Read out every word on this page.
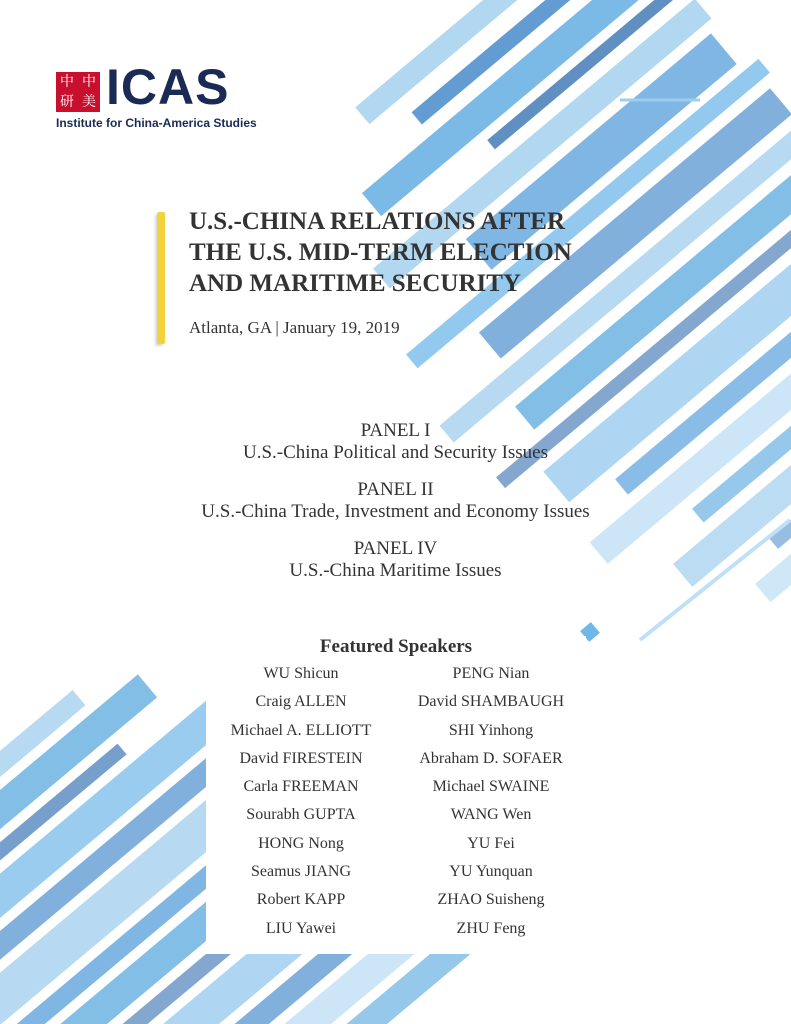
中 中
研 美 ICAS
Institute for China-America Studies
U.S.-CHINA RELATIONS AFTER
THE U.S. MID-TERM ELECTION
AND MARITIME SECURITY
Atlanta, GA | January 19, 2019
PANEL I
U.S.-China Political and Security Issues
PANEL II
U.S.-China Trade, Investment and Economy Issues
PANEL IV
U.S.-China Maritime Issues
Featured Speakers
WU Shicun
Craig ALLEN
Michael A. ELLIOTT
David FIRESTEIN
Carla FREEMAN
Sourabh GUPTA
HONG Nong
Seamus JIANG
Robert KAPP
LIU Yawei
PENG Nian
David SHAMBAUGH
SHI Yinhong
Abraham D. SOFAER
Michael SWAINE
WANG Wen
YU Fei
YU Yunquan
ZHAO Suisheng
ZHU Feng
